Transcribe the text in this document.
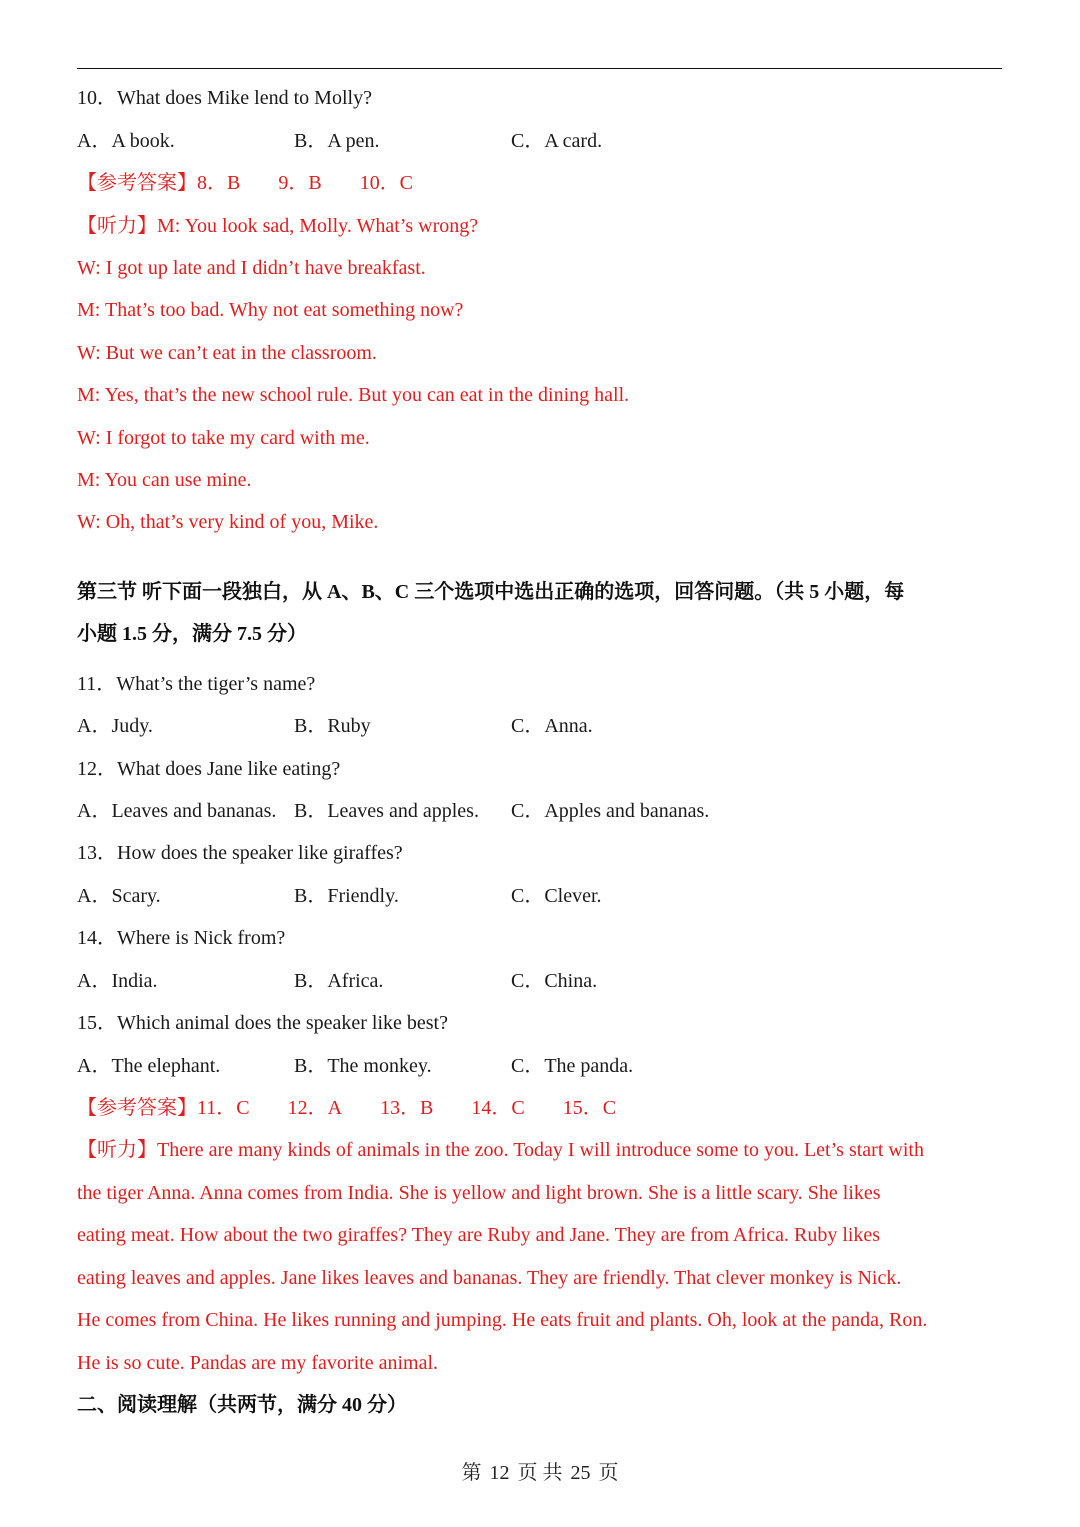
10．What does Mike lend to Molly?
A．A book.	B．A pen.	C．A card.
【参考答案】8．B 9．B 10．C
【听力】M: You look sad, Molly. What’s wrong?
W: I got up late and I didn’t have breakfast.
M: That’s too bad. Why not eat something now?
W: But we can’t eat in the classroom.
M: Yes, that’s the new school rule. But you can eat in the dining hall.
W: I forgot to take my card with me.
M: You can use mine.
W: Oh, that’s very kind of you, Mike.
第三节 听下面一段独白，从 A、B、C 三个选项中选出正确的选项，回答问题。（共 5 小题，每
小题 1.5 分，满分 7.5 分）
11．What’s the tiger’s name?
A．Judy.	B．Ruby	C．Anna.
12．What does Jane like eating?
A．Leaves and bananas. B．Leaves and apples. C．Apples and bananas.
13．How does the speaker like giraffes?
A．Scary.	B．Friendly.	C．Clever.
14．Where is Nick from?
A．India.	B．Africa.	C．China.
15．Which animal does the speaker like best?
A．The elephant.	B．The monkey.	C．The panda.
【参考答案】11．C 12．A 13．B 14．C 15．C
【听力】There are many kinds of animals in the zoo. Today I will introduce some to you. Let’s start with
the tiger Anna. Anna comes from India. She is yellow and light brown. She is a little scary. She likes
eating meat. How about the two giraffes? They are Ruby and Jane. They are from Africa. Ruby likes
eating leaves and apples. Jane likes leaves and bananas. They are friendly. That clever monkey is Nick.
He comes from China. He likes running and jumping. He eats fruit and plants. Oh, look at the panda, Ron.
He is so cute. Pandas are my favorite animal.
二、阅读理解（共两节，满分 40 分）
第 12 页 共 25 页
